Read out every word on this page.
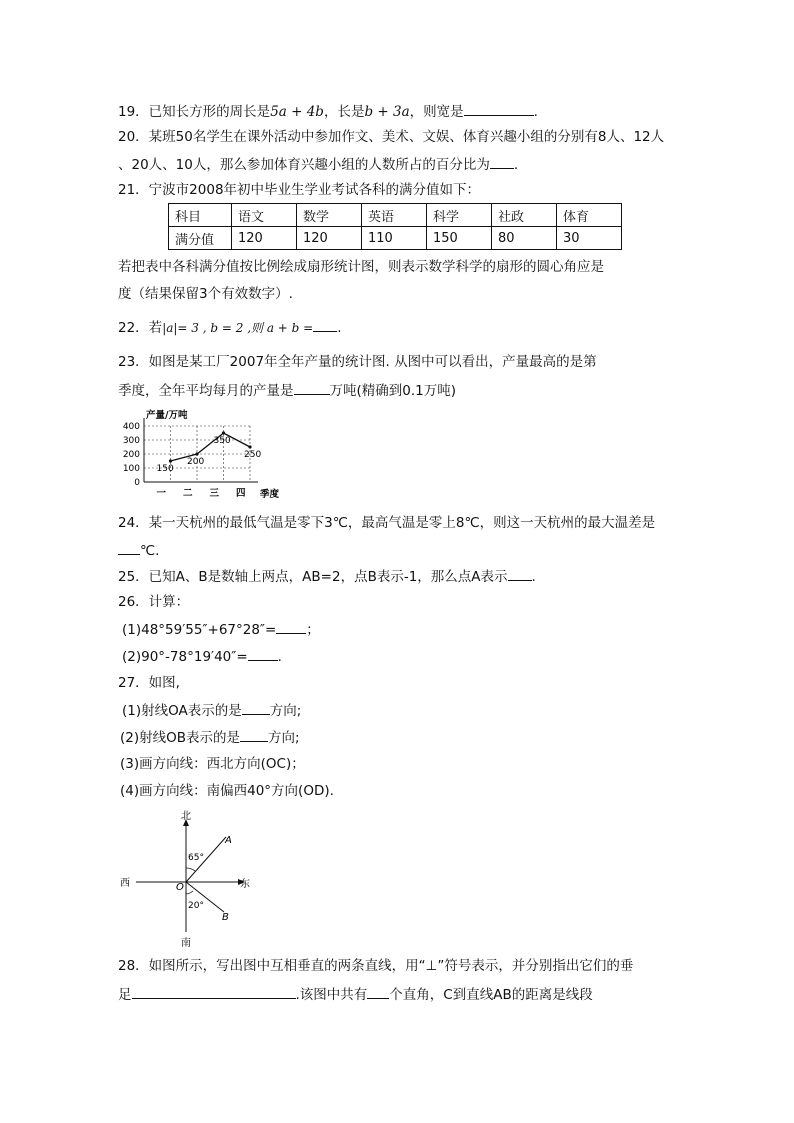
19．已知长方形的周长是5a + 4b，长是b + 3a，则宽是	.
20．某班50名学生在课外活动中参加作文、美术、文娱、体育兴趣小组的分别有8人、12人
、20人、10人，那么参加体育兴趣小组的人数所占的百分比为 .
21．宁波市2008年初中毕业生学业考试各科的满分值如下：
科目	语文	数学	英语	科学	社政	体育
满分值	120	120	110	150	80	30
若把表中各科满分值按比例绘成扇形统计图，则表示数学科学的扇形的圆心角应是
度（结果保留3个有效数字）.
22．若|a|= 3 , b = 2 ,则 a + b = .
23．如图是某工厂2007年全年产量的统计图. 从图中可以看出，产量最高的是第
季度，全年平均每月的产量是	万吨(精确到0.1万吨)
0
100
200
300
400
一 二 三 四
150
200
350
250
产量/万吨
季度
24．某一天杭州的最低气温是零下3℃，最高气温是零上8℃，则这一天杭州的最大温差是
℃.
25．已知A、B是数轴上两点，AB=2，点B表示-1，那么点A表示 .
26．计算：
(1)48°59′55″+67°28″= ；
(2)90°-78°19′40″= .
27．如图,
(1)射线OA表示的是 方向;
(2)射线OB表示的是 方向;
(3)画方向线：西北方向(OC)；
(4)画方向线：南偏西40°方向(OD).
北
南
西	东
O
A
B
65°
20°
28．如图所示，写出图中互相垂直的两条直线，用“⊥”符号表示，并分别指出它们的垂
足	.该图中共有 个直角，C到直线AB的距离是线段
